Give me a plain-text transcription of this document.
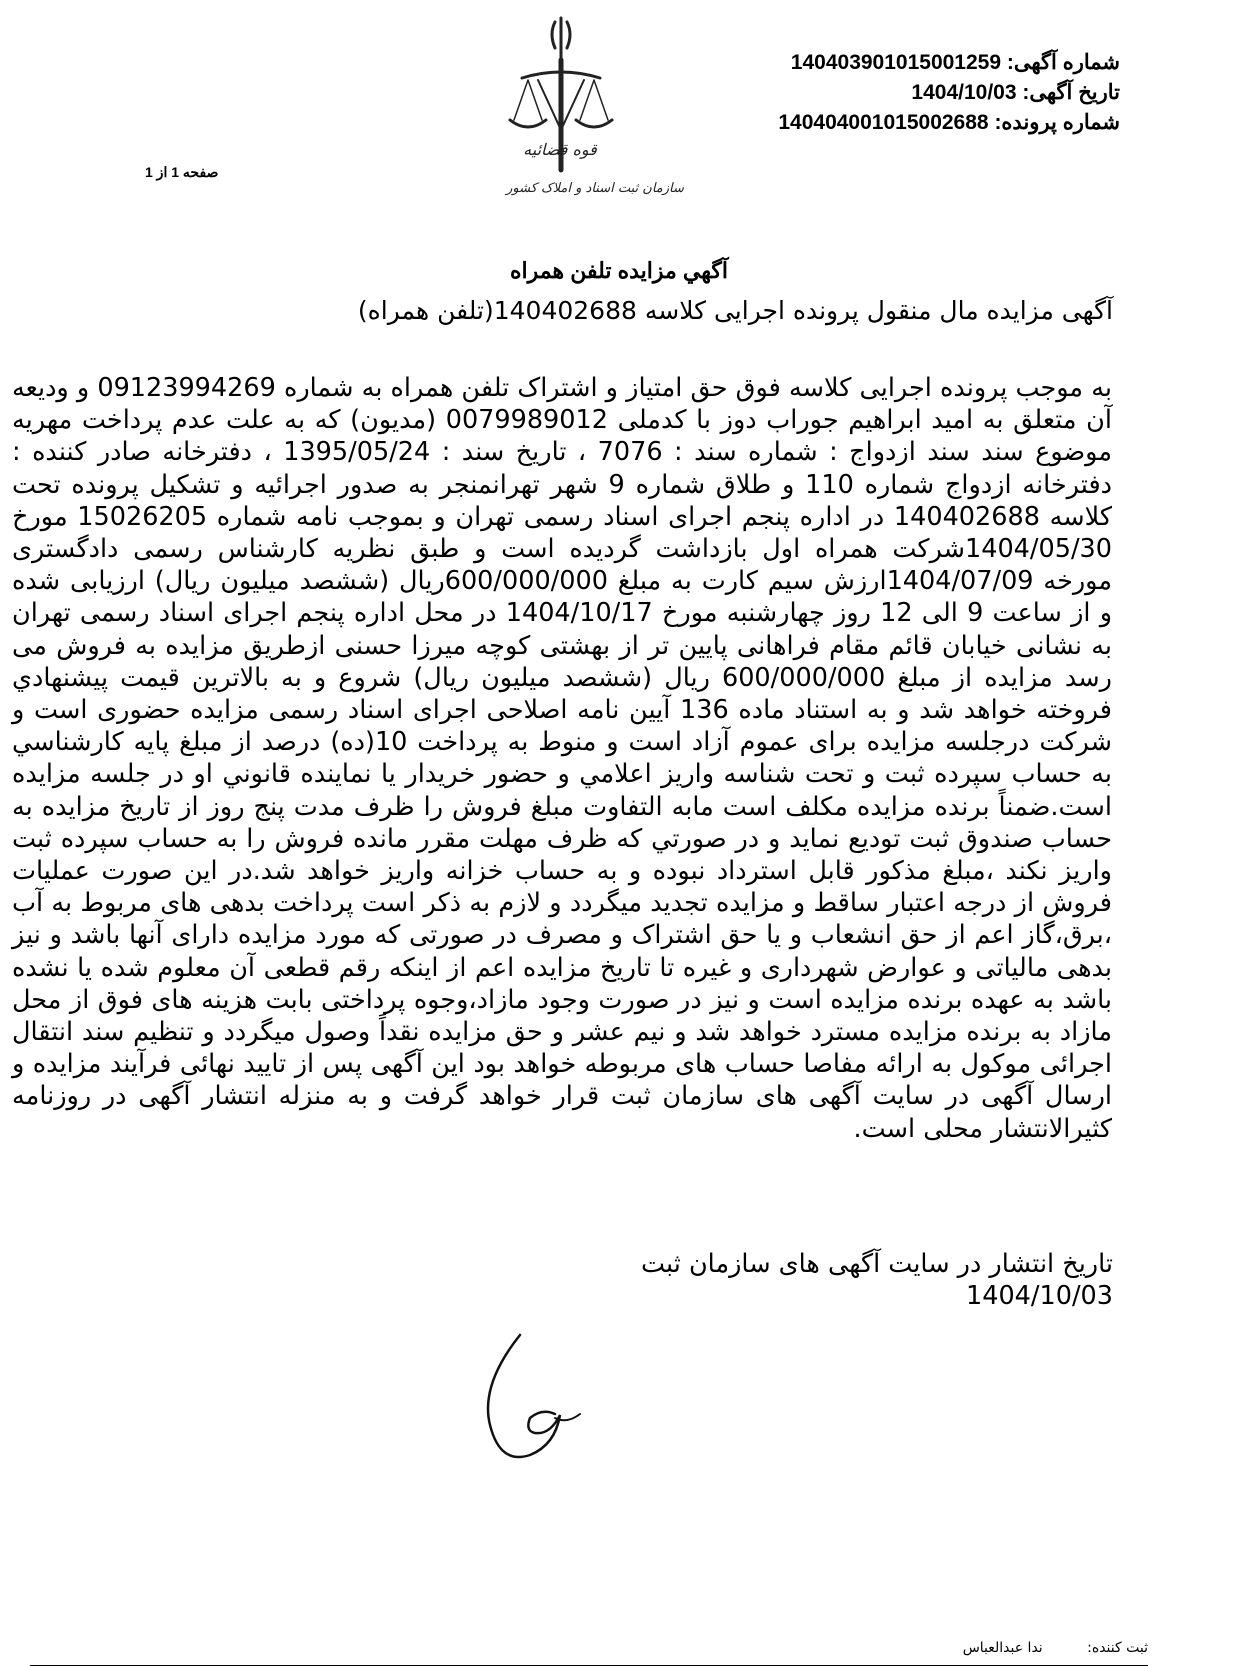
شماره آگهی: 140403901015001259
تاریخ آگهی: 1404/10/03
شماره پرونده: 140404001015002688
صفحه 1 از 1
قوه قضائیه
سازمان ثبت اسناد و املاک کشور
آگهي مزايده تلفن همراه
آگهی مزایده مال منقول پرونده اجرایی کلاسه 140402688(تلفن همراه)
به موجب پرونده اجرایی کلاسه فوق حق امتیاز و اشتراک تلفن همراه به شماره 09123994269 و ودیعه آن متعلق به امید ابراهیم جوراب دوز با کدملی 0079989012 (مدیون) که به علت عدم پرداخت مهریه موضوع سند سند ازدواج : شماره سند : 7076 ، تاریخ سند : 1395/05/24 ، دفترخانه صادر کننده : دفترخانه ازدواج شماره 110 و طلاق شماره 9 شهر تهرانمنجر به صدور اجرائیه و تشکیل پرونده تحت کلاسه 140402688 در اداره پنجم اجرای اسناد رسمی تهران و بموجب نامه شماره 15026205 مورخ 1404/05/30شرکت همراه اول بازداشت گردیده است و طبق نظریه کارشناس رسمی دادگستری مورخه 1404/07/09ارزش سیم کارت به مبلغ 600/000/000ریال (ششصد میلیون ریال) ارزیابی شده و از ساعت 9 الی 12 روز چهارشنبه مورخ 1404/10/17 در محل اداره پنجم اجرای اسناد رسمی تهران به نشانی خیابان قائم مقام فراهانی پایین تر از بهشتی کوچه میرزا حسنی ازطریق مزایده به فروش می رسد مزایده از مبلغ 600/000/000 ریال (ششصد میلیون ریال) شروع و به بالاترین قیمت پیشنهادي فروخته خواهد شد و به استناد ماده 136 آیین نامه اصلاحی اجرای اسناد رسمی مزایده حضوری است و شرکت درجلسه مزایده برای عموم آزاد است و منوط به پرداخت 10(ده) درصد از مبلغ پایه کارشناسي به حساب سپرده ثبت و تحت شناسه واريز اعلامي و حضور خريدار يا نماينده قانوني او در جلسه مزايده است.ضمناً برنده مزایده مکلف است مابه التفاوت مبلغ فروش را ظرف مدت پنج روز از تاریخ مزایده به حساب صندوق ثبت تودیع نماید و در صورتي كه ظرف مهلت مقرر مانده فروش را به حساب سپرده ثبت واريز نكند ،مبلغ مذكور قابل استرداد نبوده و به حساب خزانه واريز خواهد شد.در این صورت عملیات فروش از درجه اعتبار ساقط و مزایده تجدید میگردد و لازم به ذکر است پرداخت بدهی های مربوط به آب ،برق،گاز اعم از حق انشعاب و یا حق اشتراک و مصرف در صورتی که مورد مزایده دارای آنها باشد و نیز بدهی مالیاتی و عوارض شهرداری و غیره تا تاریخ مزایده اعم از اینکه رقم قطعی آن معلوم شده یا نشده باشد به عهده برنده مزایده است و نیز در صورت وجود مازاد،وجوه پرداختی بابت هزینه های فوق از محل مازاد به برنده مزایده مسترد خواهد شد و نیم عشر و حق مزایده نقداً وصول میگردد و تنظیم سند انتقال اجرائی موکول به ارائه مفاصا حساب های مربوطه خواهد بود این آگهی پس از تایید نهائی فرآیند مزایده و ارسال آگهی در سایت آگهی های سازمان ثبت قرار خواهد گرفت و به منزله انتشار آگهی در روزنامه کثیرالانتشار محلی است.
تاریخ انتشار در سایت آگهی های سازمان ثبت
1404/10/03
ثبت كننده: ندا عبدالعباس
